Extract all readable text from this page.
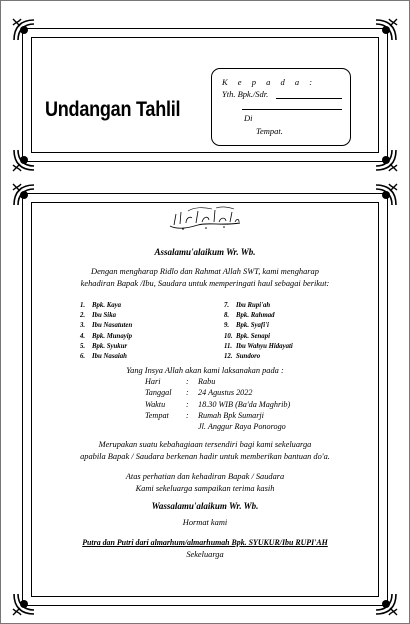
Undangan Tahlil
K e p a d a :
Yth. Bpk./Sdr.
Di
Tempat.
Assalamu'alaikum Wr. Wb.
Dengan mengharap Ridlo dan Rahmat Allah SWT, kami mengharap
kehadiran Bapak /Ibu, Saudara untuk memperingati haul sebagai berikut:
1. Bpk. Kaya
2. Ibu Sika
3. Ibu Nasatuten
4. Bpk. Munayip
5. Bpk. Syukur
6. Ibu Nasaiah
7. Ibu Rupi'ah
8. Bpk. Rahmad
9. Bpk. Syafi'i
10. Bpk. Senapi
11. Ibu Wahyu Hidayati
12. Sundoro
Yang Insya Allah akan kami laksanakan pada :
Hari	: Rabu
Tanggal : 24 Agustus 2022
Waktu	: 18.30 WIB (Ba'da Maghrib)
Tempat : Rumah Bpk Sumarji
Jl. Anggur Raya Ponorogo
Merupakan suatu kebahagiaan tersendiri bagi kami sekeluarga
apabila Bapak / Saudara berkenan hadir untuk memberikan bantuan do'a.
Atas perhatian dan kehadiran Bapak / Saudara
Kami sekeluarga sampaikan terima kasih
Wassalamu'alaikum Wr. Wb.
Hormat kami
Putra dan Putri dari almarhum/almarhumah Bpk. SYUKUR/Ibu RUPI'AH
Sekeluarga
